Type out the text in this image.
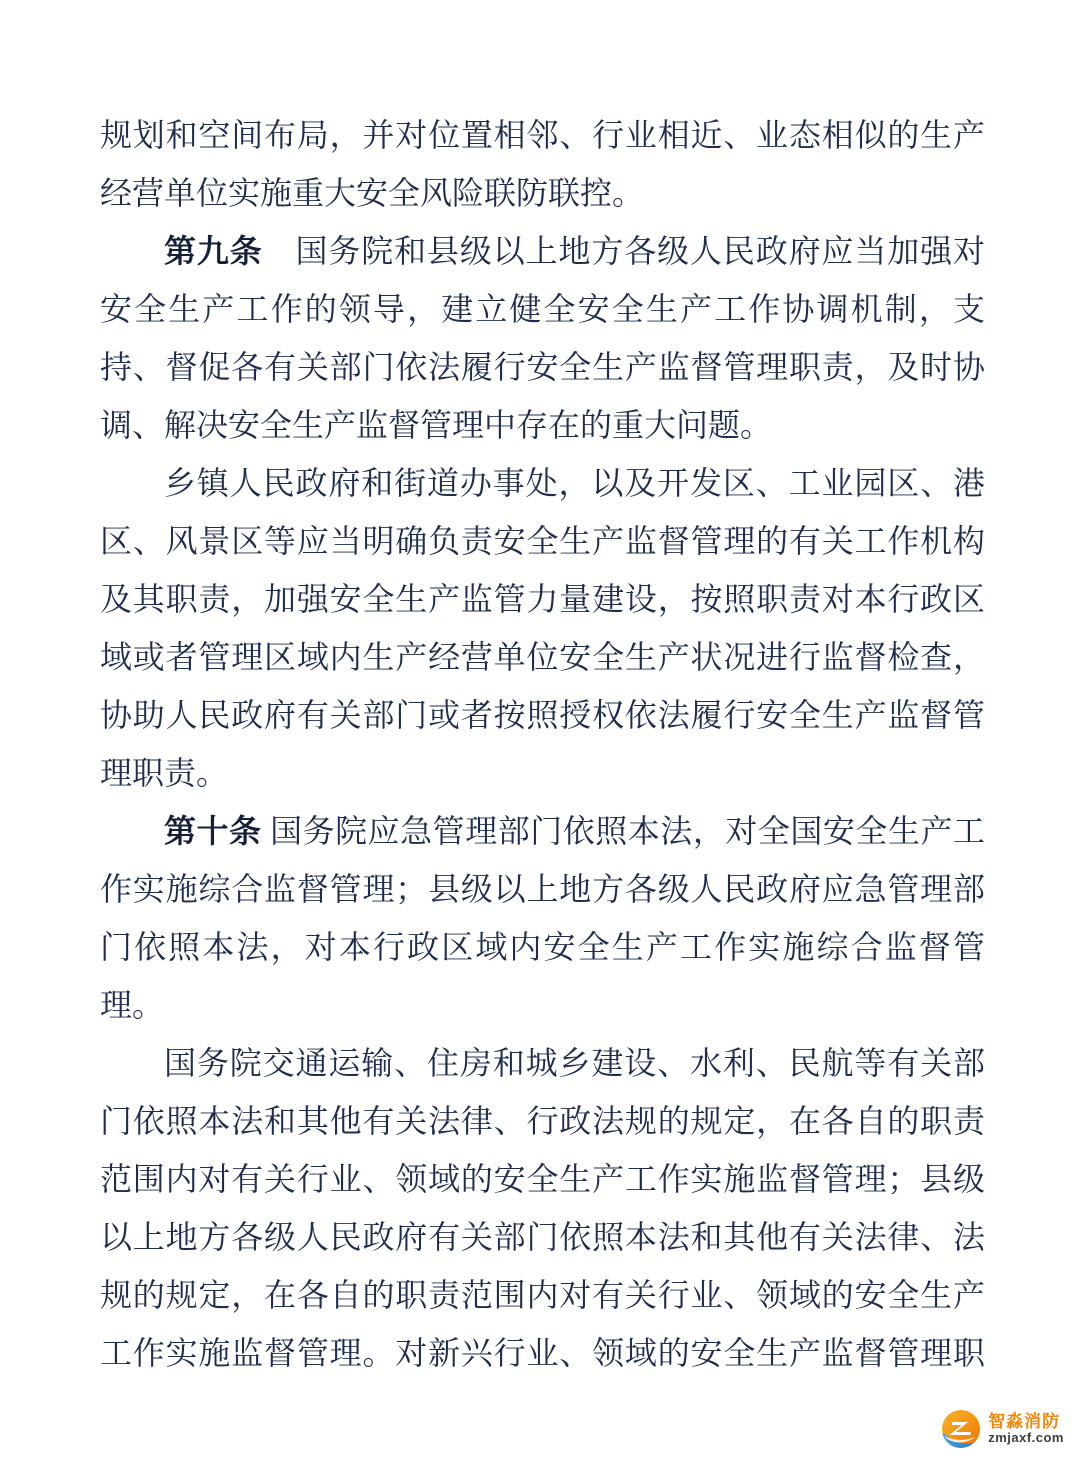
规划和空间布局，并对位置相邻、行业相近、业态相似的生产经营单位实施重大安全风险联防联控。

第九条　国务院和县级以上地方各级人民政府应当加强对安全生产工作的领导，建立健全安全生产工作协调机制，支持、督促各有关部门依法履行安全生产监督管理职责，及时协调、解决安全生产监督管理中存在的重大问题。

乡镇人民政府和街道办事处，以及开发区、工业园区、港区、风景区等应当明确负责安全生产监督管理的有关工作机构及其职责，加强安全生产监管力量建设，按照职责对本行政区域或者管理区域内生产经营单位安全生产状况进行监督检查，协助人民政府有关部门或者按照授权依法履行安全生产监督管理职责。

第十条 国务院应急管理部门依照本法，对全国安全生产工作实施综合监督管理；县级以上地方各级人民政府应急管理部门依照本法，对本行政区域内安全生产工作实施综合监督管理。

国务院交通运输、住房和城乡建设、水利、民航等有关部门依照本法和其他有关法律、行政法规的规定，在各自的职责范围内对有关行业、领域的安全生产工作实施监督管理；县级以上地方各级人民政府有关部门依照本法和其他有关法律、法规的规定，在各自的职责范围内对有关行业、领域的安全生产工作实施监督管理。对新兴行业、领域的安全生产监督管理职

智淼消防
zmjaxf.com
